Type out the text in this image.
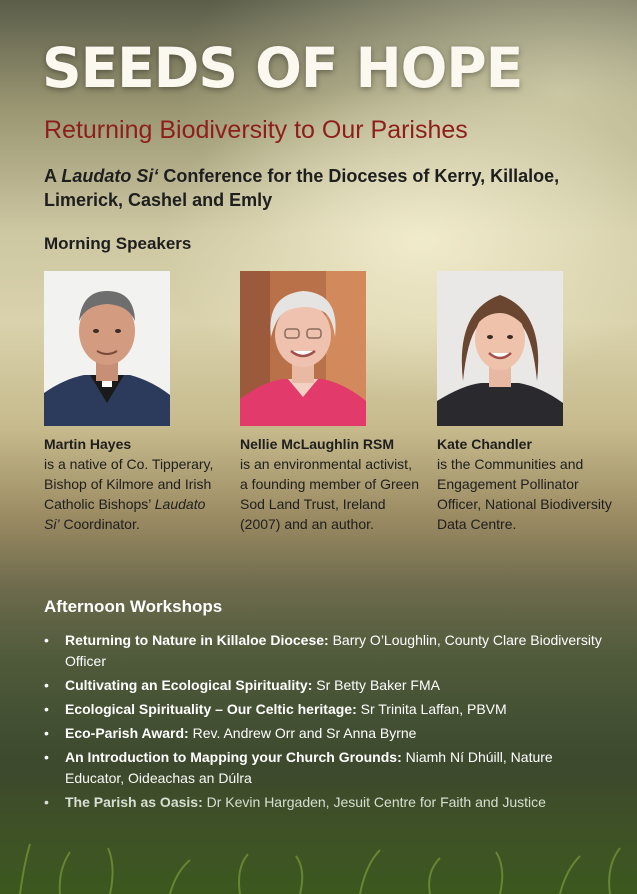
SEEDS OF HOPE
Returning Biodiversity to Our Parishes
A Laudato Si‘ Conference for the Dioceses of Kerry, Killaloe, Limerick, Cashel and Emly
Morning Speakers
Martin Hayes
is a native of Co. Tipperary, Bishop of Kilmore and Irish Catholic Bishops’ Laudato Si’ Coordinator.
Nellie McLaughlin RSM
is an environmental activist, a founding member of Green Sod Land Trust, Ireland (2007) and an author.
Kate Chandler
is the Communities and Engagement Pollinator Officer, National Biodiversity Data Centre.
Afternoon Workshops
• Returning to Nature in Killaloe Diocese: Barry O’Loughlin, County Clare Biodiversity Officer
• Cultivating an Ecological Spirituality: Sr Betty Baker FMA
• Ecological Spirituality – Our Celtic heritage: Sr Trinita Laffan, PBVM
• Eco-Parish Award: Rev. Andrew Orr and Sr Anna Byrne
• An Introduction to Mapping your Church Grounds: Niamh Ní Dhúill, Nature
•
